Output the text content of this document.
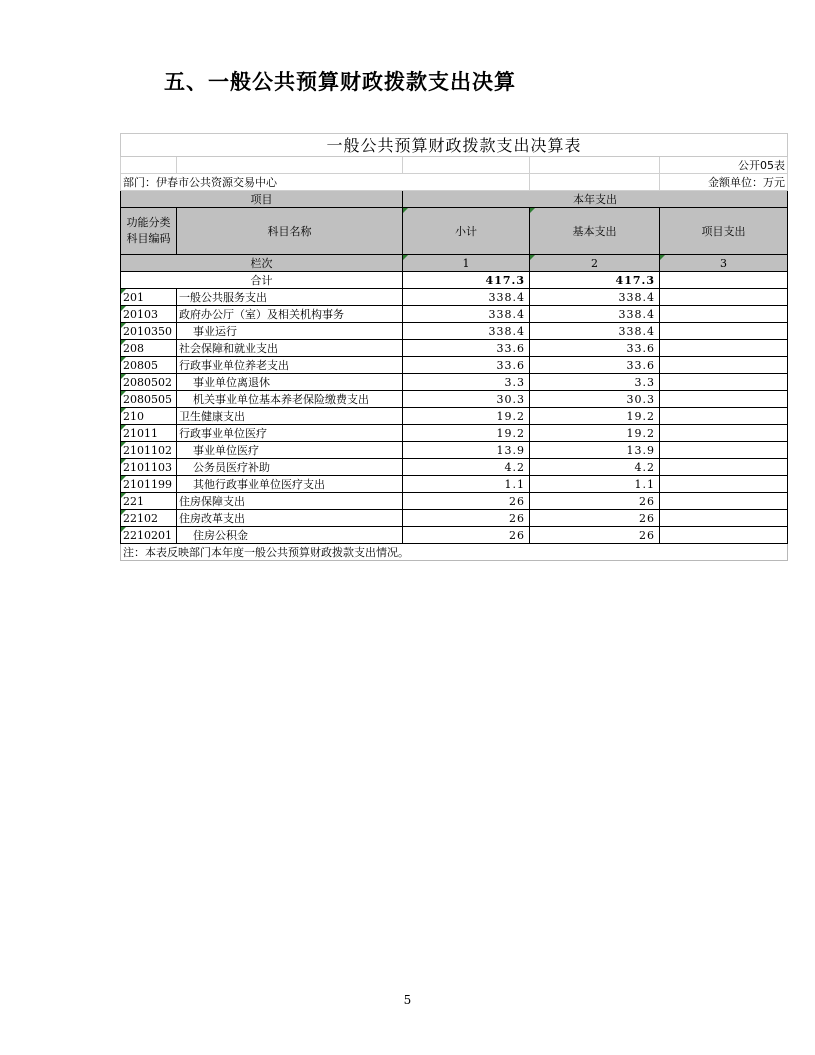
五、一般公共预算财政拨款支出决算
一般公共预算财政拨款支出决算表				
				公开05表
部门：伊春市公共资源交易中心				金额单位：万元
项目		本年支出		
功能分类
科目编码	科目名称	小计	基本支出	项目支出
栏次		1	2	3
合计		417.3	417.3	
201	一般公共服务支出	338.4	338.4	
20103	政府办公厅（室）及相关机构事务	338.4	338.4	
2010350	事业运行	338.4	338.4	
208	社会保障和就业支出	33.6	33.6	
20805	行政事业单位养老支出	33.6	33.6	
2080502	事业单位离退休	3.3	3.3	
2080505	机关事业单位基本养老保险缴费支出	30.3	30.3	
210	卫生健康支出	19.2	19.2	
21011	行政事业单位医疗	19.2	19.2	
2101102	事业单位医疗	13.9	13.9	
2101103	公务员医疗补助	4.2	4.2	
2101199	其他行政事业单位医疗支出	1.1	1.1	
221	住房保障支出	26	26	
22102	住房改革支出	26	26	
2210201	住房公积金	26	26	
注：本表反映部门本年度一般公共预算财政拨款支出情况。				
5
